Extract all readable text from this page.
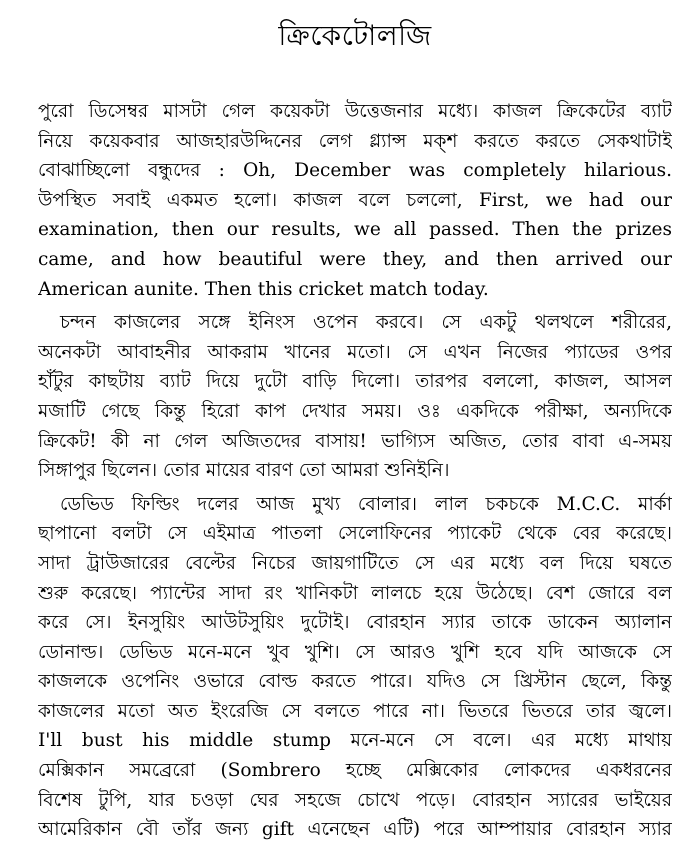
ক্রিকেটোলজি
পুরো ডিসেম্বর মাসটা গেল কয়েকটা উত্তেজনার মধ্যে। কাজল ক্রিকেটের ব্যাট
নিয়ে কয়েকবার আজহারউদ্দিনের লেগ গ্ল্যান্স মক্‌শ করতে করতে সেকথাটাই
বোঝাচ্ছিলো বন্ধুদের : Oh, December was completely hilarious.
উপস্থিত সবাই একমত হলো। কাজল বলে চললো, First, we had our
examination, then our results, we all passed. Then the prizes
came, and how beautiful were they, and then arrived our
American aunite. Then this cricket match today.
চন্দন কাজলের সঙ্গে ইনিংস ওপেন করবে। সে একটু থলথলে শরীরের,
অনেকটা আবাহনীর আকরাম খানের মতো। সে এখন নিজের প্যাডের ওপর
হাঁটুর কাছটায় ব্যাট দিয়ে দুটো বাড়ি দিলো। তারপর বললো, কাজল, আসল
মজাটি গেছে কিন্তু হিরো কাপ দেখার সময়। ওঃ একদিকে পরীক্ষা, অন্যদিকে
ক্রিকেট! কী না গেল অজিতদের বাসায়! ভাগ্যিস অজিত, তোর বাবা এ-সময়
সিঙ্গাপুর ছিলেন। তোর মায়ের বারণ তো আমরা শুনিইনি।
ডেভিড ফিল্ডিং দলের আজ মুখ্য বোলার। লাল চকচকে M.C.C. মার্কা
ছাপানো বলটা সে এইমাত্র পাতলা সেলোফিনের প্যাকেট থেকে বের করেছে।
সাদা ট্রাউজারের বেল্টের নিচের জায়গাটিতে সে এর মধ্যে বল দিয়ে ঘষতে
শুরু করেছে। প্যান্টের সাদা রং খানিকটা লালচে হয়ে উঠেছে। বেশ জোরে বল
করে সে। ইনসুয়িং আউটসুয়িং দুটোই। বোরহান স্যার তাকে ডাকেন অ্যালান
ডোনাল্ড। ডেভিড মনে-মনে খুব খুশি। সে আরও খুশি হবে যদি আজকে সে
কাজলকে ওপেনিং ওভারে বোল্ড করতে পারে। যদিও সে খ্রিস্টান ছেলে, কিন্তু
কাজলের মতো অত ইংরেজি সে বলতে পারে না। ভিতরে ভিতরে তার জ্বলে।
I'll bust his middle stump মনে-মনে সে বলে। এর মধ্যে মাথায়
মেক্সিকান সমব্রেরো (Sombrero হচ্ছে মেক্সিকোর লোকদের একধরনের
বিশেষ টুপি, যার চওড়া ঘের সহজে চোখে পড়ে। বোরহান স্যারের ভাইয়ের
আমেরিকান বৌ তাঁর জন্য gift এনেছেন এটি) পরে আম্পায়ার বোরহান স্যার
